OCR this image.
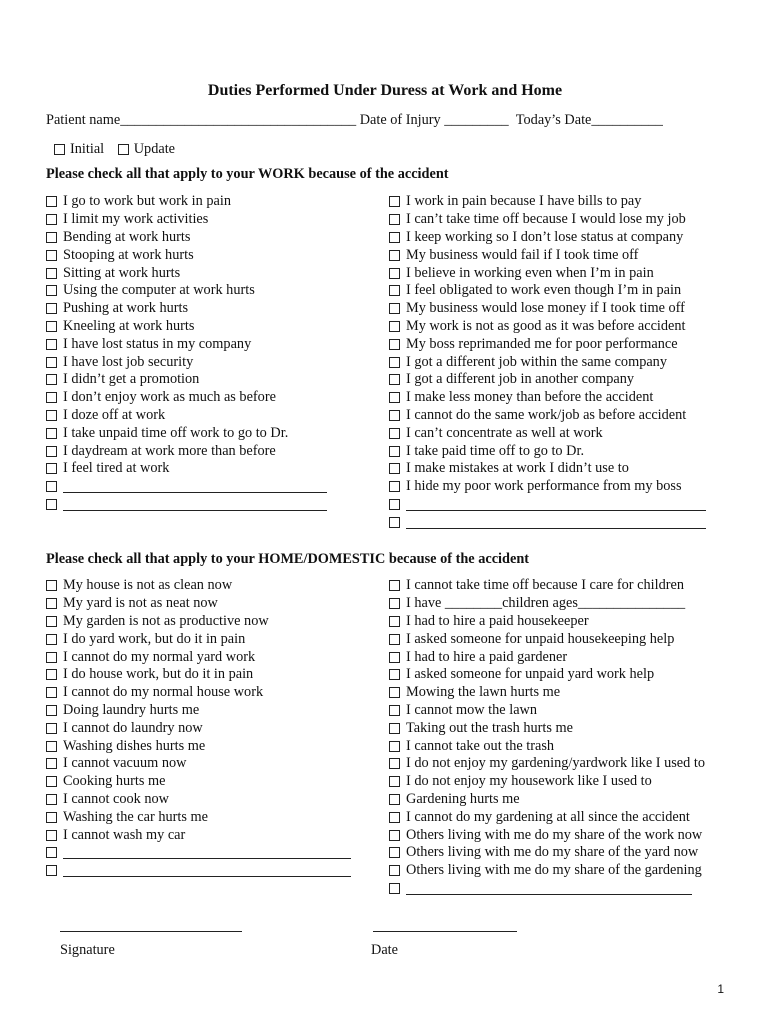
Duties Performed Under Duress at Work and Home
Patient name_________________________________ Date of Injury _________ Today’s Date__________
Initial
Update
Please check all that apply to your WORK because of the accident
I go to work but work in pain
I limit my work activities
Bending at work hurts
Stooping at work hurts
Sitting at work hurts
Using the computer at work hurts
Pushing at work hurts
Kneeling at work hurts
I have lost status in my company
I have lost job security
I didn’t get a promotion
I don’t enjoy work as much as before
I doze off at work
I take unpaid time off work to go to Dr.
I daydream at work more than before
I feel tired at work
I work in pain because I have bills to pay
I can’t take time off because I would lose my job
I keep working so I don’t lose status at company
My business would fail if I took time off
I believe in working even when I’m in pain
I feel obligated to work even though I’m in pain
My business would lose money if I took time off
My work is not as good as it was before accident
My boss reprimanded me for poor performance
I got a different job within the same company
I got a different job in another company
I make less money than before the accident
I cannot do the same work/job as before accident
I can’t concentrate as well at work
I take paid time off to go to Dr.
I make mistakes at work I didn’t use to
I hide my poor work performance from my boss
Please check all that apply to your HOME/DOMESTIC because of the accident
My house is not as clean now
My yard is not as neat now
My garden is not as productive now
I do yard work, but do it in pain
I cannot do my normal yard work
I do house work, but do it in pain
I cannot do my normal house work
Doing laundry hurts me
I cannot do laundry now
Washing dishes hurts me
I cannot vacuum now
Cooking hurts me
I cannot cook now
Washing the car hurts me
I cannot wash my car
I cannot take time off because I care for children
I have ________children ages_______________
I had to hire a paid housekeeper
I asked someone for unpaid housekeeping help
I had to hire a paid gardener
I asked someone for unpaid yard work help
Mowing the lawn hurts me
I cannot mow the lawn
Taking out the trash hurts me
I cannot take out the trash
I do not enjoy my gardening/yardwork like I used to
I do not enjoy my housework like I used to
Gardening hurts me
I cannot do my gardening at all since the accident
Others living with me do my share of the work now
Others living with me do my share of the yard now
Others living with me do my share of the gardening
Signature	Date
1
